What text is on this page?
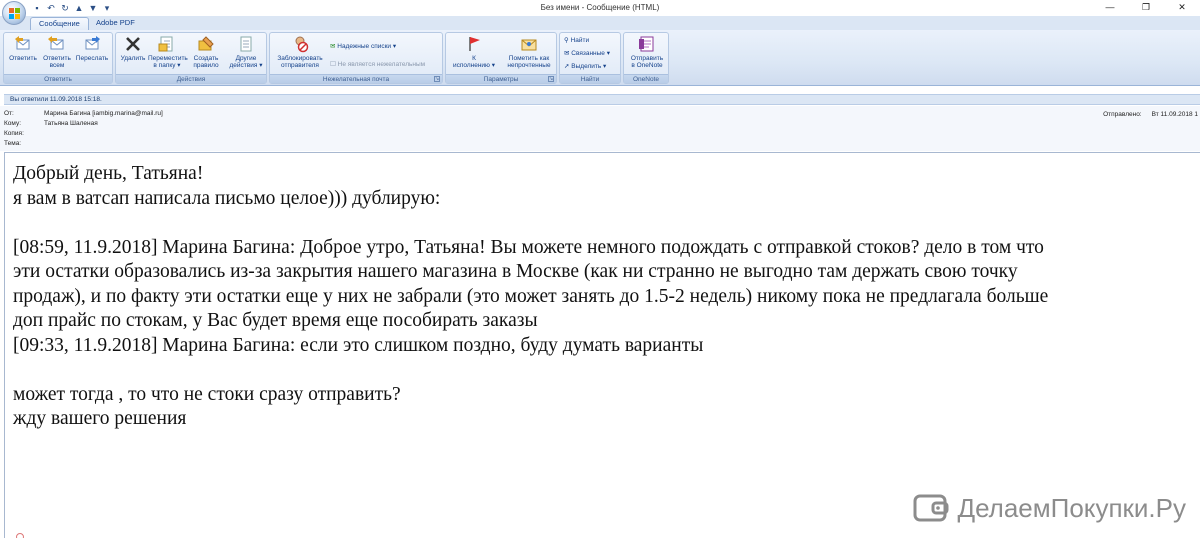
▪ ↶ ↻ ▲ ▼ ▾	Без имени - Сообщение (HTML)	—	❐	✕
Сообщение	Adobe PDF
Ответить Ответить всем
Переслать
Ответить
Удалить Переместить
в папку ▾
Создать
правило
Другие
действия ▾
Действия
Заблокировать
отправителя
✉ Надежные списки ▾
☐ Не является нежелательным
Нежелательная почта	↘
К
исполнению ▾
Пометить как
непрочтенные
Параметры	↘
⚲ Найти
✉ Связанные ▾
➚ Выделить ▾
Найти
Отправить
в OneNote
OneNote
Вы ответили 11.09.2018 15:18.
От:	Марина Багина [iambig.marina@mail.ru]
Кому:	Татьяна Шаленая
Копия:
Тема:
Отправлено: Вт 11.09.2018 1

Добрый день, Татьяна!

я вам в ватсап написала письмо целое))) дублирую:

[08:59, 11.9.2018] Марина Багина: Доброе утро, Татьяна! Вы можете немного подождать с отправкой стоков? дело в том что

эти остатки образовались из-за закрытия нашего магазина в Москве (как ни странно не выгодно там держать свою точку

продаж), и по факту эти остатки еще у них не забрали (это может занять до 1.5-2 недель) никому пока не предлагала больше

доп прайс по стокам, у Вас будет время еще пособирать заказы

[09:33, 11.9.2018] Марина Багина: если это слишком поздно, буду думать варианты

может тогда , то что не стоки сразу отправить?

жду вашего решения

ДелаемПокупки.Ру
